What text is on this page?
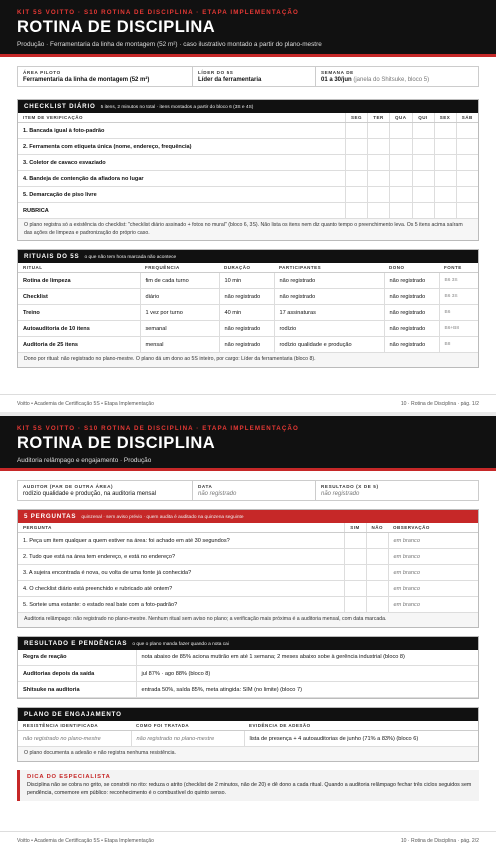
KIT 5S VOITTO · S10 ROTINA DE DISCIPLINA · ETAPA IMPLEMENTAÇÃO
ROTINA DE DISCIPLINA
Produção · Ferramentaria da linha de montagem (52 m²) · caso ilustrativo montado a partir do plano-mestre
ÁREA PILOTO
Ferramentaria da linha de montagem (52 m²)
LÍDER DO 5S
Líder da ferramentaria
SEMANA DE
01 a 30/jun (janela do Shitsuke, bloco 5)
CHECKLIST DIÁRIO 5 itens, 2 minutos no total · itens montados a partir do bloco 6 (3S e 4S)
ITEM DE VERIFICAÇÃO	SEG	TER	QUA	QUI	SEX	SÁB
1. Bancada igual à foto-padrão						
2. Ferramenta com etiqueta única (nome, endereço, frequência)						
3. Coletor de cavaco esvaziado						
4. Bandeja de contenção da afiadora no lugar						
5. Demarcação de piso livre						
RUBRICA						
O plano registra só a existência do checklist: "checklist diário assinado + fotos no mural" (bloco 6, 3S). Não lista os itens nem diz quanto tempo o preenchimento leva. Os 5 itens acima saíram das ações de limpeza e padronização do próprio caso.
RITUAIS DO 5S o que não tem hora marcada não acontece
RITUAL	FREQUÊNCIA	DURAÇÃO	PARTICIPANTES	DONO	FONTE
Rotina de limpeza	fim de cada turno	10 min	não registrado	não registrado	B6 3S
Checklist	diário	não registrado	não registrado	não registrado	B6 3S
Treino	1 vez por turno	40 min	17 assinaturas	não registrado	B6
Autoauditoria de 10 itens	semanal	não registrado	rodízio	não registrado	B6+B8
Auditoria de 25 itens	mensal	não registrado	rodízio qualidade e produção	não registrado	B8
Dono por ritual: não registrado no plano-mestre. O plano dá um dono ao 5S inteiro, por cargo: Líder da ferramentaria (bloco 8).
Voitto • Academia de Certificação 5S • Etapa Implementação	10 · Rotina de Disciplina · pág. 1/2
KIT 5S VOITTO · S10 ROTINA DE DISCIPLINA · ETAPA IMPLEMENTAÇÃO
ROTINA DE DISCIPLINA
Auditoria relâmpago e engajamento · Produção
AUDITOR (PAR DE OUTRA ÁREA)
rodízio qualidade e produção, na auditoria mensal
DATA
não registrado
RESULTADO (X DE 5)
não registrado
5 PERGUNTAS quinzenal · sem aviso prévio · quem audita é auditado na quinzena seguinte
PERGUNTA	SIM	NÃO	OBSERVAÇÃO
1. Peça um item qualquer a quem estiver na área: foi achado em até 30 segundos?			em branco
2. Tudo que está na área tem endereço, e está no endereço?			em branco
3. A sujeira encontrada é nova, ou volta de uma fonte já conhecida?			em branco
4. O checklist diário está preenchido e rubricado até ontem?			em branco
5. Sorteie uma estante: o estado real bate com a foto-padrão?			em branco
Auditoria relâmpago: não registrado no plano-mestre. Nenhum ritual sem aviso no plano; a verificação mais próxima é a auditoria mensal, com data marcada.
RESULTADO E PENDÊNCIAS o que o plano manda fazer quando a nota cai
Regra de reação	nota abaixo de 85% aciona mutirão em até 1 semana; 2 meses abaixo sobe à gerência industrial (bloco 8)
Auditorias depois da saída	jul 87% · ago 88% (bloco 8)
Shitsuke na auditoria	entrada 50%, saída 85%, meta atingida: SIM (no limite) (bloco 7)
PLANO DE ENGAJAMENTO
RESISTÊNCIA IDENTIFICADA	COMO FOI TRATADA	EVIDÊNCIA DE ADESÃO
não registrado no plano-mestre	não registrado no plano-mestre	lista de presença + 4 autoauditorias de junho (71% a 83%) (bloco 6)
O plano documenta a adesão e não registra nenhuma resistência.
DICA DO ESPECIALISTA
Disciplina não se cobra no grito, se constrói no rito: reduza o atrito (checklist de 2 minutos, não de 20) e dê dono a cada ritual. Quando a auditoria relâmpago fechar três ciclos seguidos sem pendência, comemore em público: reconhecimento é o combustível do quinto senso.
Voitto • Academia de Certificação 5S • Etapa Implementação	10 · Rotina de Disciplina · pág. 2/2
